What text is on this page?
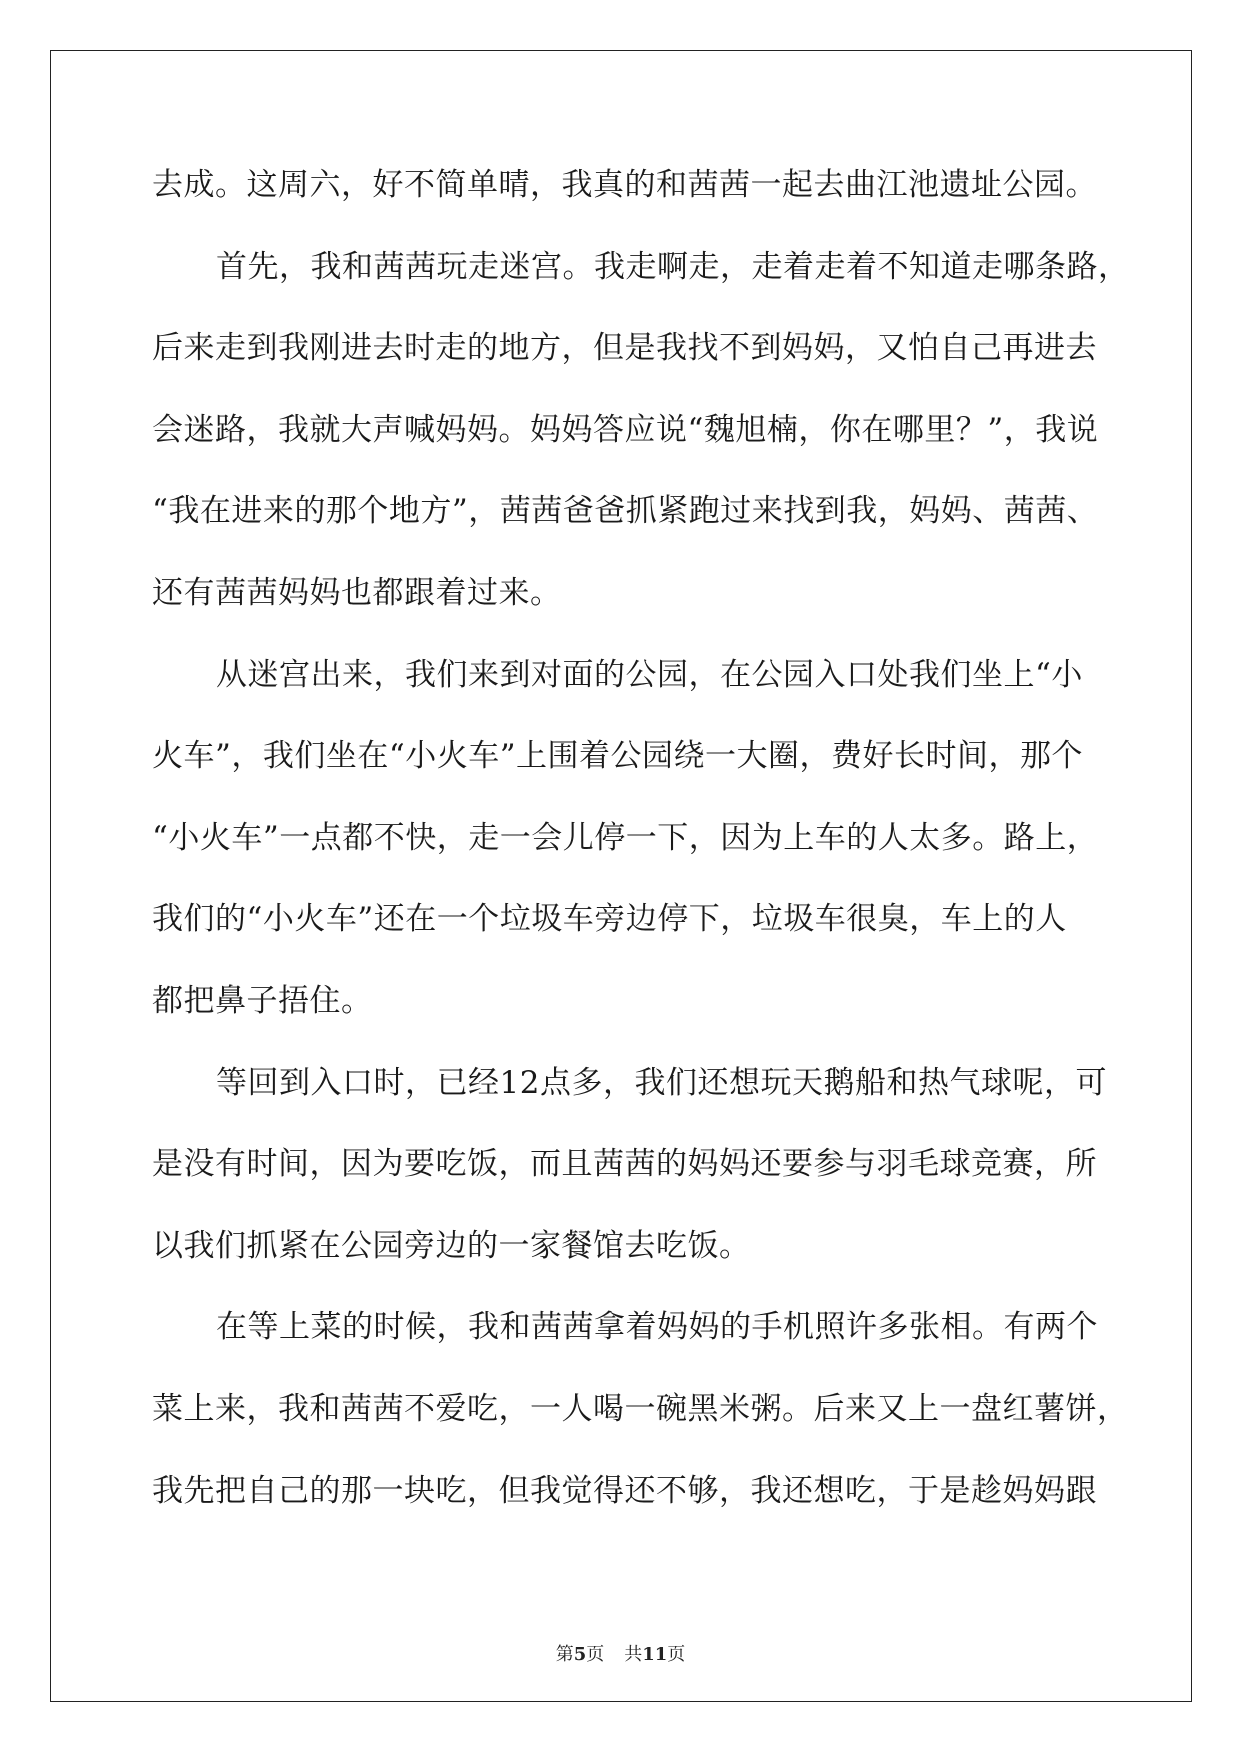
去成。这周六，好不简单晴，我真的和茜茜一起去曲江池遗址公园。
首先，我和茜茜玩走迷宫。我走啊走，走着走着不知道走哪条路，
后来走到我刚进去时走的地方，但是我找不到妈妈，又怕自己再进去
会迷路，我就大声喊妈妈。妈妈答应说“魏旭楠，你在哪里？”，我说
“我在进来的那个地方”，茜茜爸爸抓紧跑过来找到我，妈妈、茜茜、
还有茜茜妈妈也都跟着过来。
从迷宫出来，我们来到对面的公园，在公园入口处我们坐上“小
火车”，我们坐在“小火车”上围着公园绕一大圈，费好长时间，那个
“小火车”一点都不快，走一会儿停一下，因为上车的人太多。路上，
我们的“小火车”还在一个垃圾车旁边停下，垃圾车很臭，车上的人
都把鼻子捂住。
等回到入口时，已经12点多，我们还想玩天鹅船和热气球呢，可
是没有时间，因为要吃饭，而且茜茜的妈妈还要参与羽毛球竞赛，所
以我们抓紧在公园旁边的一家餐馆去吃饭。
在等上菜的时候，我和茜茜拿着妈妈的手机照许多张相。有两个
菜上来，我和茜茜不爱吃，一人喝一碗黑米粥。后来又上一盘红薯饼，
我先把自己的那一块吃，但我觉得还不够，我还想吃，于是趁妈妈跟
第5页 共11页
